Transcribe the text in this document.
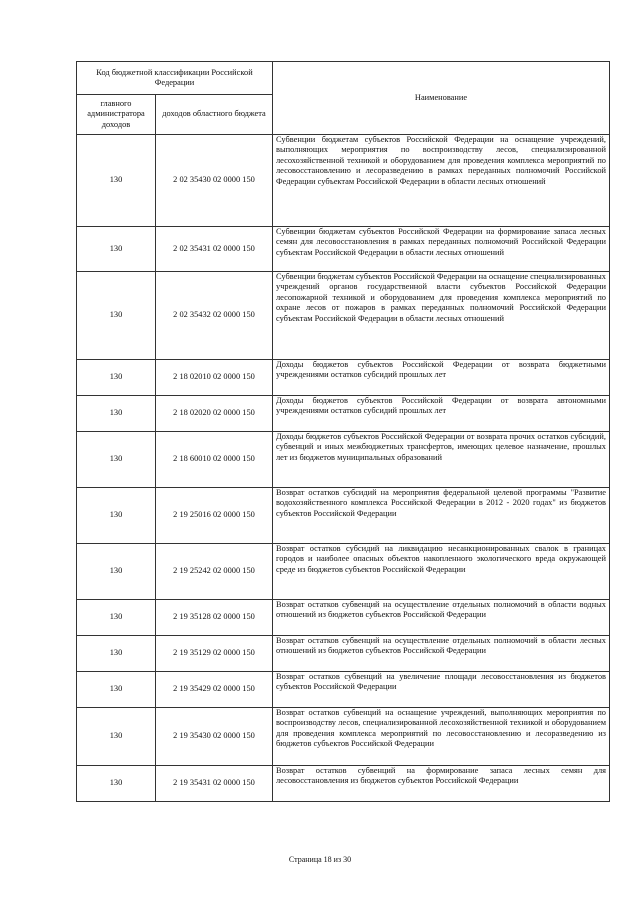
Код бюджетной классификации Российской Федерации		Наименование
главного администратора доходов	доходов областного бюджета	
130	2 02 35430 02 0000 150	Субвенции бюджетам субъектов Российской Федерации на оснащение учреждений, выполняющих мероприятия по воспроизводству лесов, специализированной лесохозяйственной техникой и оборудованием для проведения комплекса мероприятий по лесовосстановлению и лесоразведению в рамках переданных полномочий Российской Федерации субъектам Российской Федерации в области лесных отношений
130	2 02 35431 02 0000 150	Субвенции бюджетам субъектов Российской Федерации на формирование запаса лесных семян для лесовосстановления в рамках переданных полномочий Российской Федерации субъектам Российской Федерации в области лесных отношений
130	2 02 35432 02 0000 150	Субвенции бюджетам субъектов Российской Федерации на оснащение специализированных учреждений органов государственной власти субъектов Российской Федерации лесопожарной техникой и оборудованием для проведения комплекса мероприятий по охране лесов от пожаров в рамках переданных полномочий Российской Федерации субъектам Российской Федерации в области лесных отношений
130	2 18 02010 02 0000 150	Доходы бюджетов субъектов Российской Федерации от возврата бюджетными учреждениями остатков субсидий прошлых лет
130	2 18 02020 02 0000 150	Доходы бюджетов субъектов Российской Федерации от возврата автономными учреждениями остатков субсидий прошлых лет
130	2 18 60010 02 0000 150	Доходы бюджетов субъектов Российской Федерации от возврата прочих остатков субсидий, субвенций и иных межбюджетных трансфертов, имеющих целевое назначение, прошлых лет из бюджетов муниципальных образований
130	2 19 25016 02 0000 150	Возврат остатков субсидий на мероприятия федеральной целевой программы "Развитие водохозяйственного комплекса Российской Федерации в 2012 - 2020 годах" из бюджетов субъектов Российской Федерации
130	2 19 25242 02 0000 150	Возврат остатков субсидий на ликвидацию несанкционированных свалок в границах городов и наиболее опасных объектов накопленного экологического вреда окружающей среде из бюджетов субъектов Российской Федерации
130	2 19 35128 02 0000 150	Возврат остатков субвенций на осуществление отдельных полномочий в области водных отношений из бюджетов субъектов Российской Федерации
130	2 19 35129 02 0000 150	Возврат остатков субвенций на осуществление отдельных полномочий в области лесных отношений из бюджетов субъектов Российской Федерации
130	2 19 35429 02 0000 150	Возврат остатков субвенций на увеличение площади лесовосстановления из бюджетов субъектов Российской Федерации
130	2 19 35430 02 0000 150	Возврат остатков субвенций на оснащение учреждений, выполняющих мероприятия по воспроизводству лесов, специализированной лесохозяйственной техникой и оборудованием для проведения комплекса мероприятий по лесовосстановлению и лесоразведению из бюджетов субъектов Российской Федерации
130	2 19 35431 02 0000 150	Возврат остатков субвенций на формирование запаса лесных семян для лесовосстановления из бюджетов субъектов Российской Федерации
Страница 18 из 30
